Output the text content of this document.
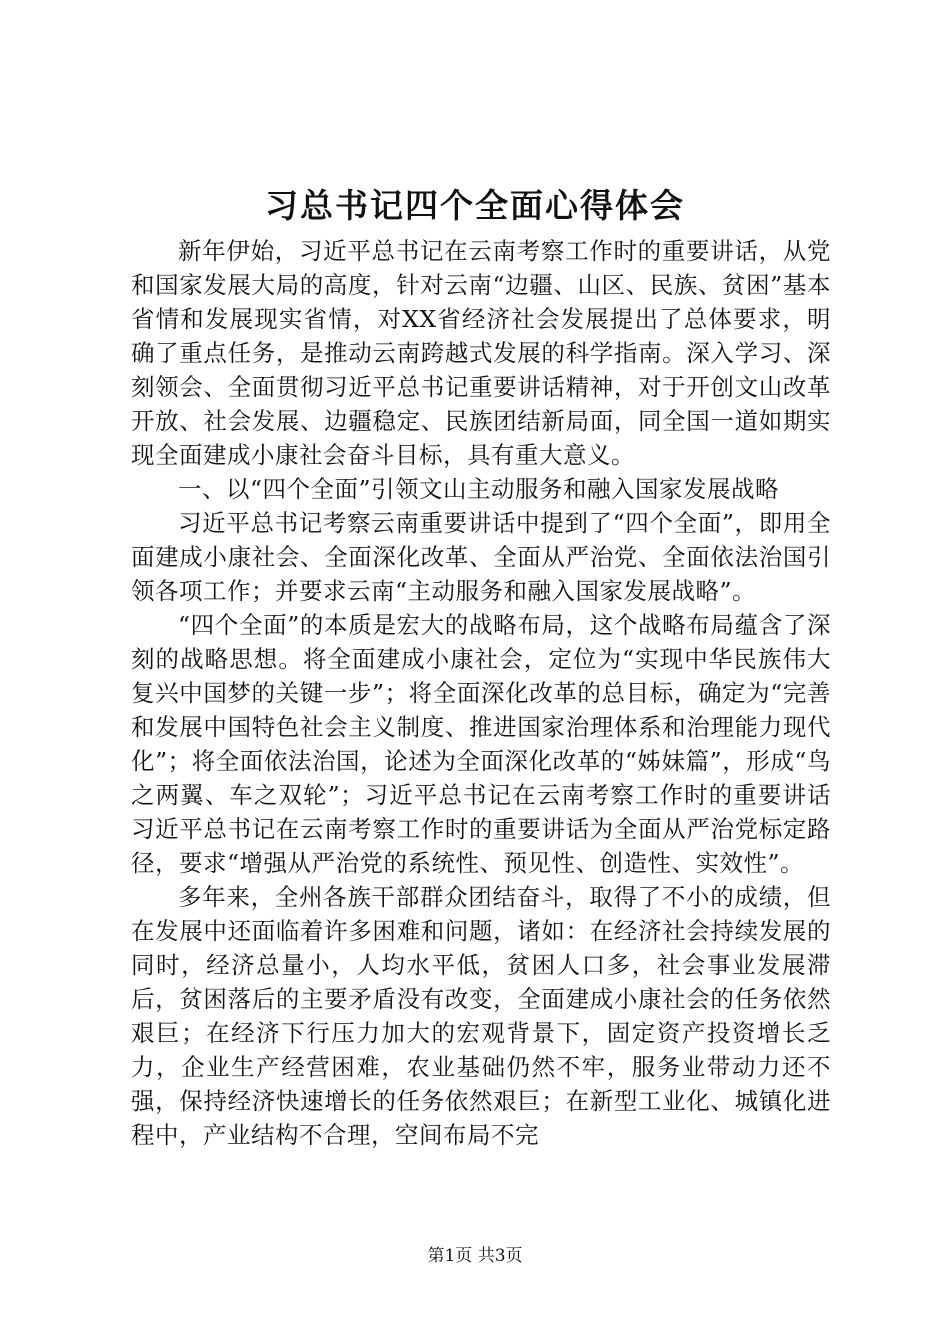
习总书记四个全面心得体会

新年伊始，习近平总书记在云南考察工作时的重要讲话，从党和国家发展大局的高度，针对云南“边疆、山区、民族、贫困”基本省情和发展现实省情，对XX省经济社会发展提出了总体要求，明确了重点任务，是推动云南跨越式发展的科学指南。深入学习、深刻领会、全面贯彻习近平总书记重要讲话精神，对于开创文山改革开放、社会发展、边疆稳定、民族团结新局面，同全国一道如期实现全面建成小康社会奋斗目标，具有重大意义。

一、以“四个全面”引领文山主动服务和融入国家发展战略

习近平总书记考察云南重要讲话中提到了“四个全面”，即用全面建成小康社会、全面深化改革、全面从严治党、全面依法治国引领各项工作；并要求云南“主动服务和融入国家发展战略”。

“四个全面”的本质是宏大的战略布局，这个战略布局蕴含了深刻的战略思想。将全面建成小康社会，定位为“实现中华民族伟大复兴中国梦的关键一步”；将全面深化改革的总目标，确定为“完善和发展中国特色社会主义制度、推进国家治理体系和治理能力现代化”；将全面依法治国，论述为全面深化改革的“姊妹篇”，形成“鸟之两翼、车之双轮”；习近平总书记在云南考察工作时的重要讲话习近平总书记在云南考察工作时的重要讲话为全面从严治党标定路径，要求“增强从严治党的系统性、预见性、创造性、实效性”。

多年来，全州各族干部群众团结奋斗，取得了不小的成绩，但在发展中还面临着许多困难和问题，诸如：在经济社会持续发展的同时，经济总量小，人均水平低，贫困人口多，社会事业发展滞后，贫困落后的主要矛盾没有改变，全面建成小康社会的任务依然艰巨；在经济下行压力加大的宏观背景下，固定资产投资增长乏力，企业生产经营困难，农业基础仍然不牢，服务业带动力还不强，保持经济快速增长的任务依然艰巨；在新型工业化、城镇化进程中，产业结构不合理，空间布局不完

第1页 共3页
